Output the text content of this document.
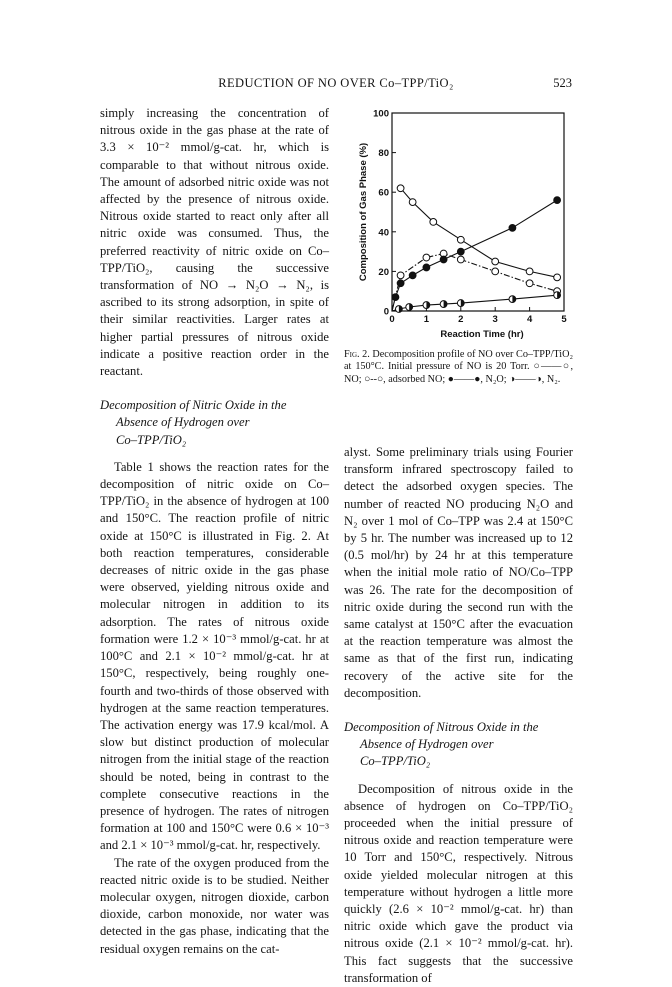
REDUCTION OF NO OVER Co–TPP/TiO₂	523

simply increasing the concentration of nitrous oxide in the gas phase at the rate of 3.3 × 10⁻² mmol/g-cat. hr, which is comparable to that without nitrous oxide. The amount of adsorbed nitric oxide was not affected by the presence of nitrous oxide. Nitrous oxide started to react only after all nitric oxide was consumed. Thus, the preferred reactivity of nitric oxide on Co–TPP/TiO₂, causing the successive transformation of NO → N₂O → N₂, is ascribed to its strong adsorption, in spite of their similar reactivities. Larger rates at higher partial pressures of nitrous oxide indicate a positive reaction order in the reactant.

Decomposition of Nitric Oxide in the

Absence of Hydrogen over
Co–TPP/TiO₂

Table 1 shows the reaction rates for the decomposition of nitric oxide on Co–TPP/TiO₂ in the absence of hydrogen at 100 and 150°C. The reaction profile of nitric oxide at 150°C is illustrated in Fig. 2. At both reaction temperatures, considerable decreases of nitric oxide in the gas phase were observed, yielding nitrous oxide and molecular nitrogen in addition to its adsorption. The rates of nitrous oxide formation were 1.2 × 10⁻³ mmol/g-cat. hr at 100°C and 2.1 × 10⁻² mmol/g-cat. hr at 150°C, respectively, being roughly one-fourth and two-thirds of those observed with hydrogen at the same reaction temperatures. The activation energy was 17.9 kcal/mol. A slow but distinct production of molecular nitrogen from the initial stage of the reaction should be noted, being in contrast to the complete consecutive reactions in the presence of hydrogen. The rates of nitrogen formation at 100 and 150°C were 0.6 × 10⁻³ and 2.1 × 10⁻³ mmol/g-cat. hr, respectively.

The rate of the oxygen produced from the reacted nitric oxide is to be studied. Neither molecular oxygen, nitrogen dioxide, carbon dioxide, carbon monoxide, nor water was detected in the gas phase, indicating that the residual oxygen remains on the cat-

0
20
40
60
80
100
0	1	2	3	4	5
Reaction Time (hr)
Composition of Gas Phase (%)
Fig. 2. Decomposition profile of NO over Co–TPP/TiO₂ at 150°C. Initial pressure of NO is 20 Torr. ○——○, NO; ○--○, adsorbed NO; ●——●, N₂O; ◑——◑, N₂.

alyst. Some preliminary trials using Fourier transform infrared spectroscopy failed to detect the adsorbed oxygen species. The number of reacted NO producing N₂O and N₂ over 1 mol of Co–TPP was 2.4 at 150°C by 5 hr. The number was increased up to 12 (0.5 mol/hr) by 24 hr at this temperature when the initial mole ratio of NO/Co–TPP was 26. The rate for the decomposition of nitric oxide during the second run with the same catalyst at 150°C after the evacuation at the reaction temperature was almost the same as that of the first run, indicating recovery of the active site for the decomposition.

Decomposition of Nitrous Oxide in the

Absence of Hydrogen over
Co–TPP/TiO₂

Decomposition of nitrous oxide in the absence of hydrogen on Co–TPP/TiO₂ proceeded when the initial pressure of nitrous oxide and reaction temperature were 10 Torr and 150°C, respectively. Nitrous oxide yielded molecular nitrogen at this temperature without hydrogen a little more quickly (2.6 × 10⁻² mmol/g-cat. hr) than nitric oxide which gave the product via nitrous oxide (2.1 × 10⁻² mmol/g-cat. hr). This fact suggests that the successive transformation of
